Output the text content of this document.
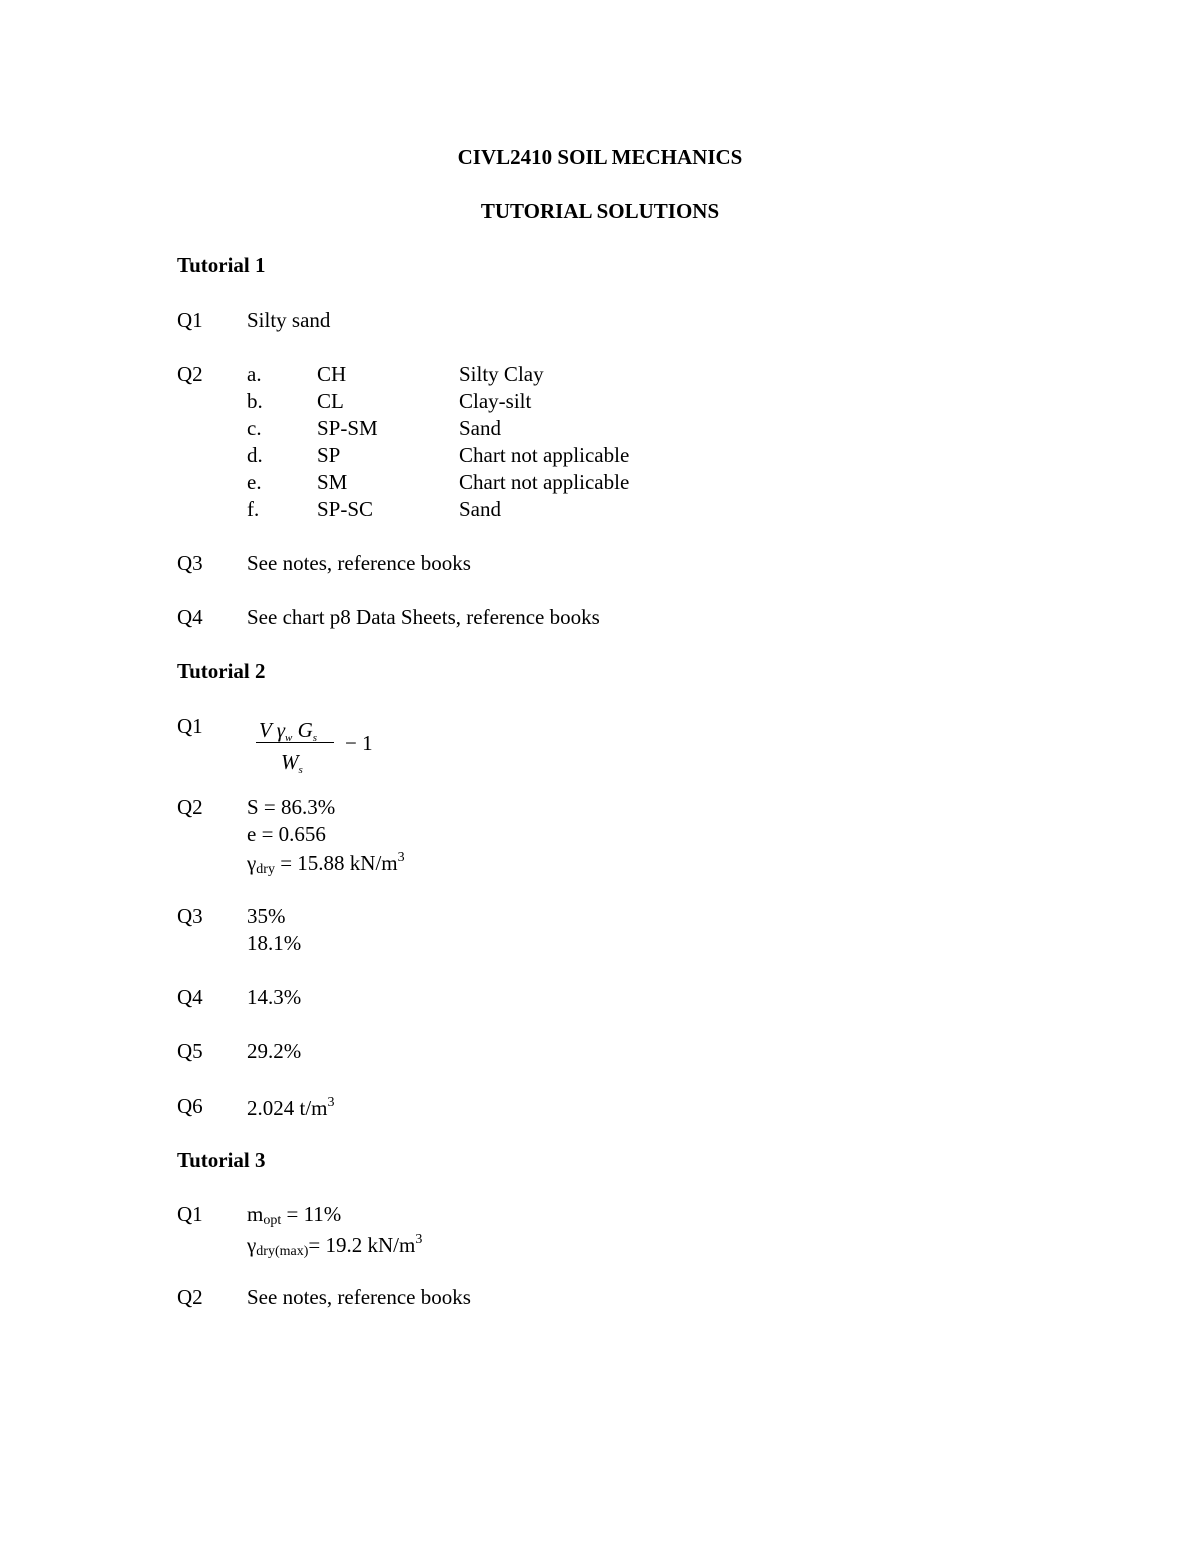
CIVL2410 SOIL MECHANICS
TUTORIAL SOLUTIONS
Tutorial 1
Q1 Silty sand
Q2 a.	CH	Silty Clay
b.	CL	Clay-silt
c.	SP-SM	Sand
d.	SP	Chart not applicable
e.	SM	Chart not applicable
f.	SP-SC	Sand
Q3 See notes, reference books
Q4 See chart p8 Data Sheets, reference books
Tutorial 2
Q1	V γw Gs
Ws
− 1
Q2 S = 86.3%
e = 0.656
γdry = 15.88 $kN/m^3$
Q3 35%
18.1%
Q4 14.3%
Q5 29.2%
Q6 2.024 $t/m^3$
Tutorial 3
Q1 mopt = 11%
γdry(max)= 19.2 $kN/m^3$
Q2 See notes, reference books
